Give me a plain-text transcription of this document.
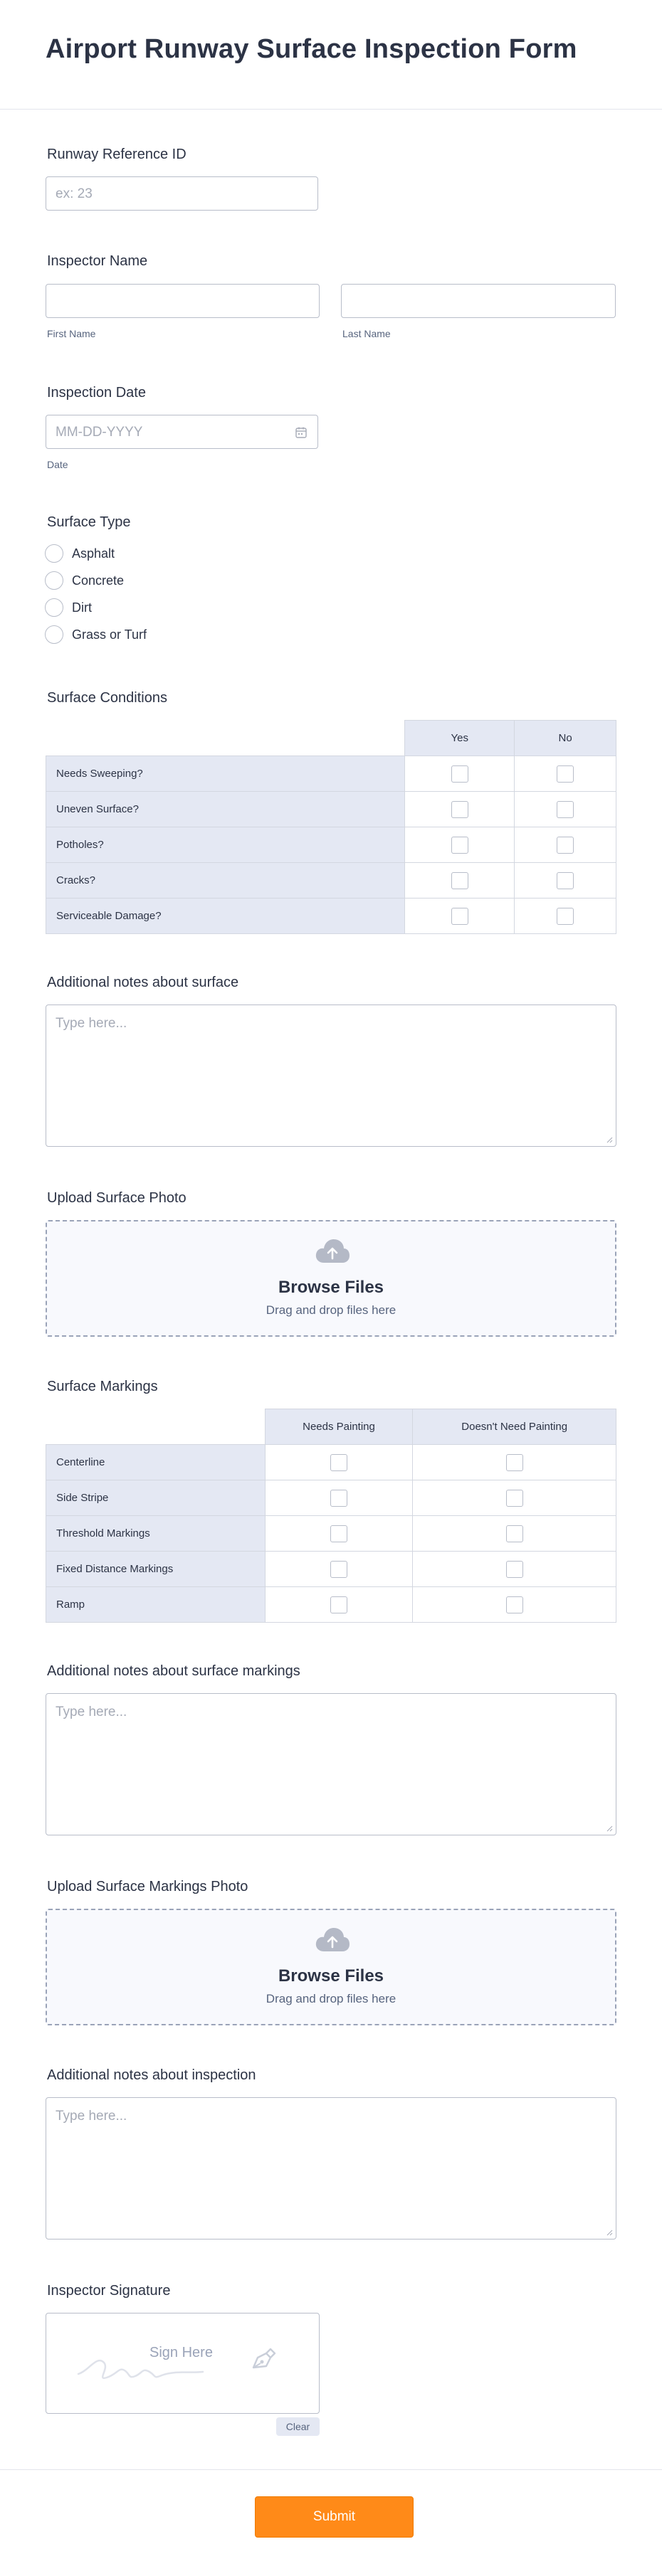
Airport Runway Surface Inspection Form
Runway Reference ID
ex: 23
Inspector Name
First Name	Last Name
Inspection Date
MM-DD-YYYY
Date
Surface Type
Asphalt
Concrete
Dirt
Grass or Turf
Surface Conditions
	Yes	No
Needs Sweeping?		
Uneven Surface?		
Potholes?		
Cracks?		
Serviceable Damage?		
Additional notes about surface
Type here...
Upload Surface Photo
Browse Files
Drag and drop files here
Surface Markings
	Needs Painting	Doesn't Need Painting
Centerline		
Side Stripe		
Threshold Markings		
Fixed Distance Markings		
Ramp		
Additional notes about surface markings
Type here...
Upload Surface Markings Photo
Browse Files
Drag and drop files here
Additional notes about inspection
Type here...
Inspector Signature
Sign Here
Clear
Submit
